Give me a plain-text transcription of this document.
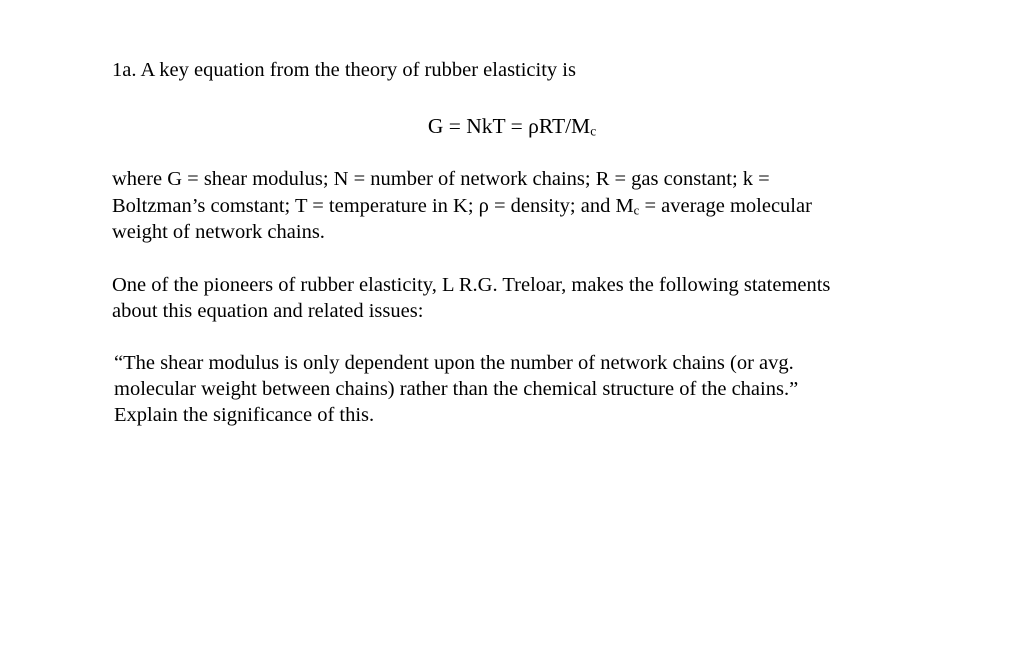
1a. A key equation from the theory of rubber elasticity is
G = NkT = ρRT/$M_c$
where G = shear modulus; N = number of network chains; R = gas constant; k =
Boltzman’s comstant; T = temperature in K; ρ = density; and $M_c$ = average molecular
weight of network chains.
One of the pioneers of rubber elasticity, L R.G. Treloar, makes the following statements
about this equation and related issues:
“The shear modulus is only dependent upon the number of network chains (or avg.
molecular weight between chains) rather than the chemical structure of the chains.”
Explain the significance of this.
